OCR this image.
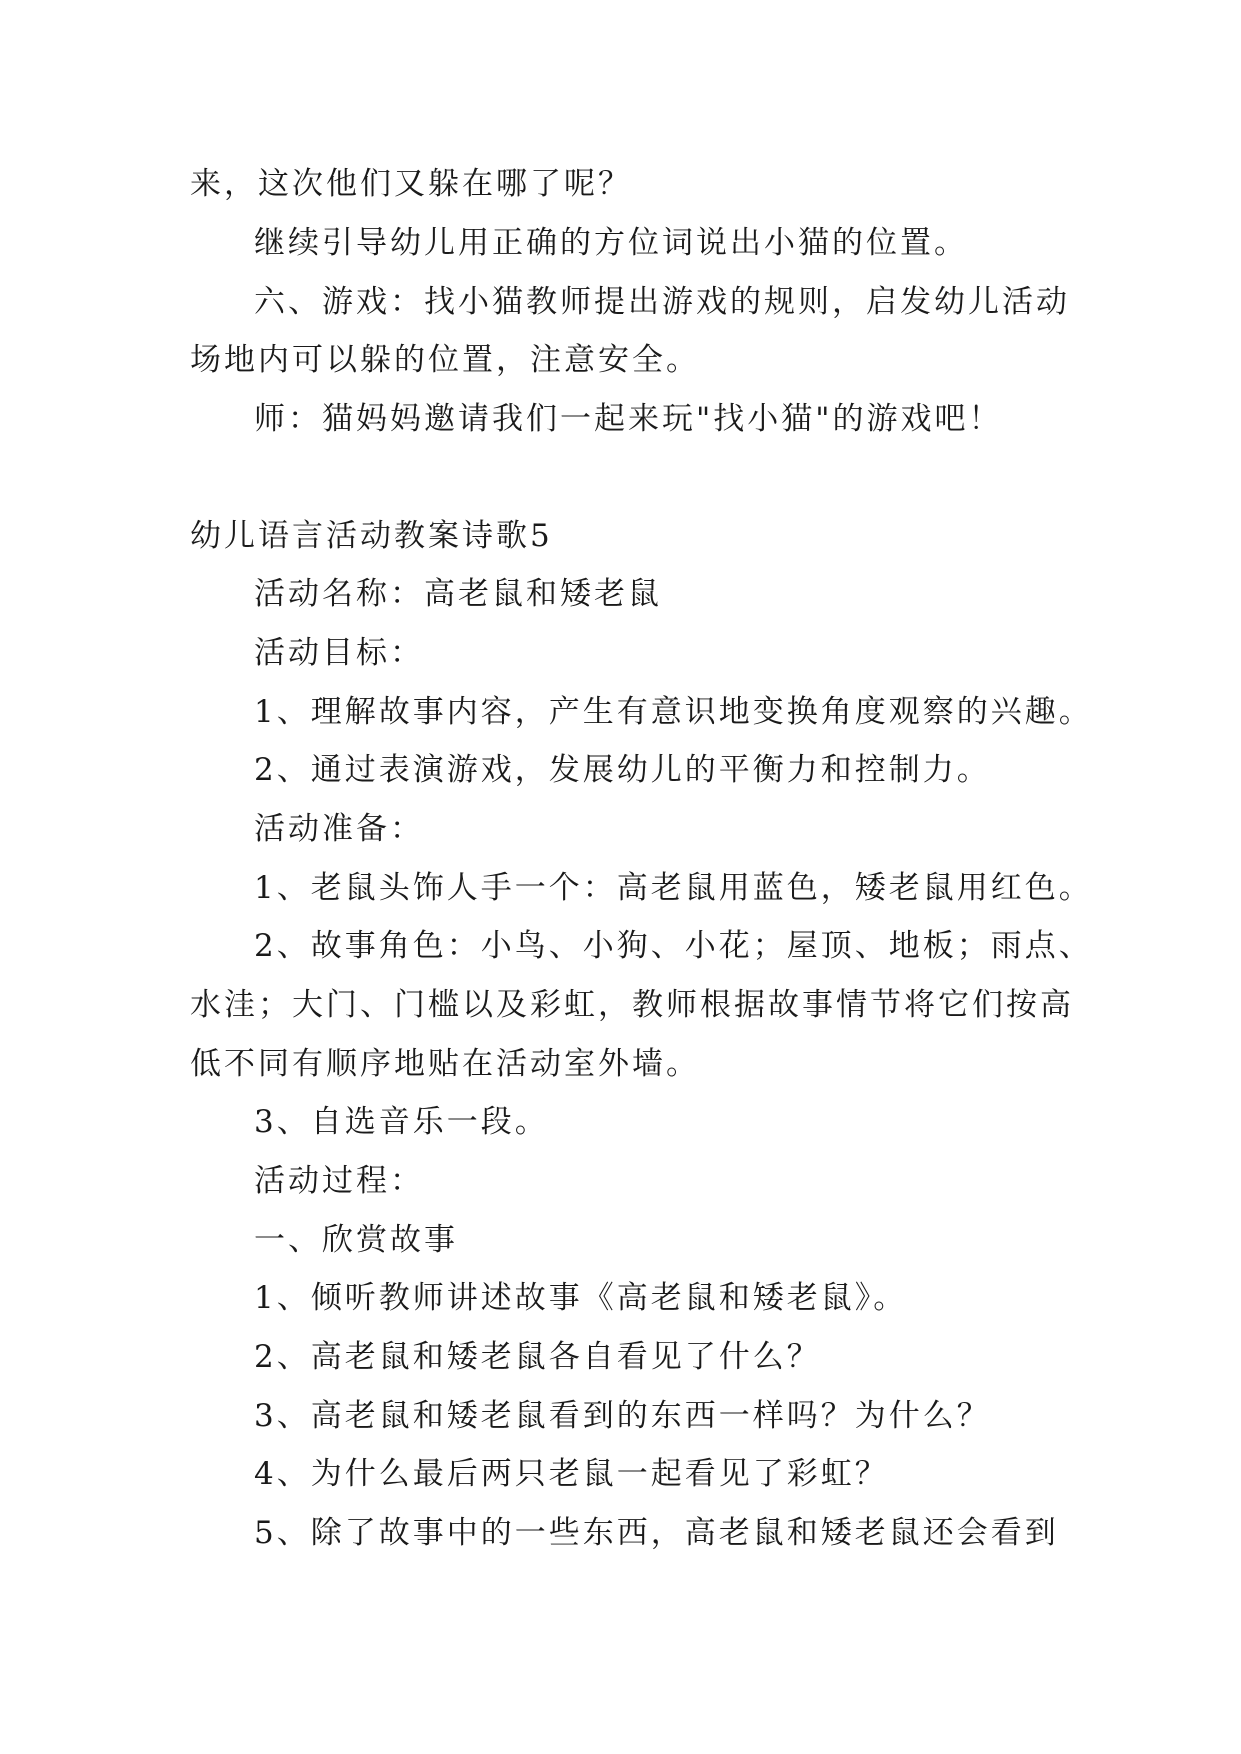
来，这次他们又躲在哪了呢？
继续引导幼儿用正确的方位词说出小猫的位置。
六、游戏：找小猫教师提出游戏的规则，启发幼儿活动
场地内可以躲的位置，注意安全。
师：猫妈妈邀请我们一起来玩"找小猫"的游戏吧！
幼儿语言活动教案诗歌5
活动名称：高老鼠和矮老鼠
活动目标：
1、理解故事内容，产生有意识地变换角度观察的兴趣。
2、通过表演游戏，发展幼儿的平衡力和控制力。
活动准备：
1、老鼠头饰人手一个：高老鼠用蓝色，矮老鼠用红色。
2、故事角色：小鸟、小狗、小花；屋顶、地板；雨点、
水洼；大门、门槛以及彩虹，教师根据故事情节将它们按高
低不同有顺序地贴在活动室外墙。
3、自选音乐一段。
活动过程：
一、欣赏故事
1、倾听教师讲述故事《高老鼠和矮老鼠》。
2、高老鼠和矮老鼠各自看见了什么？
3、高老鼠和矮老鼠看到的东西一样吗？为什么？
4、为什么最后两只老鼠一起看见了彩虹？
5、除了故事中的一些东西，高老鼠和矮老鼠还会看到
